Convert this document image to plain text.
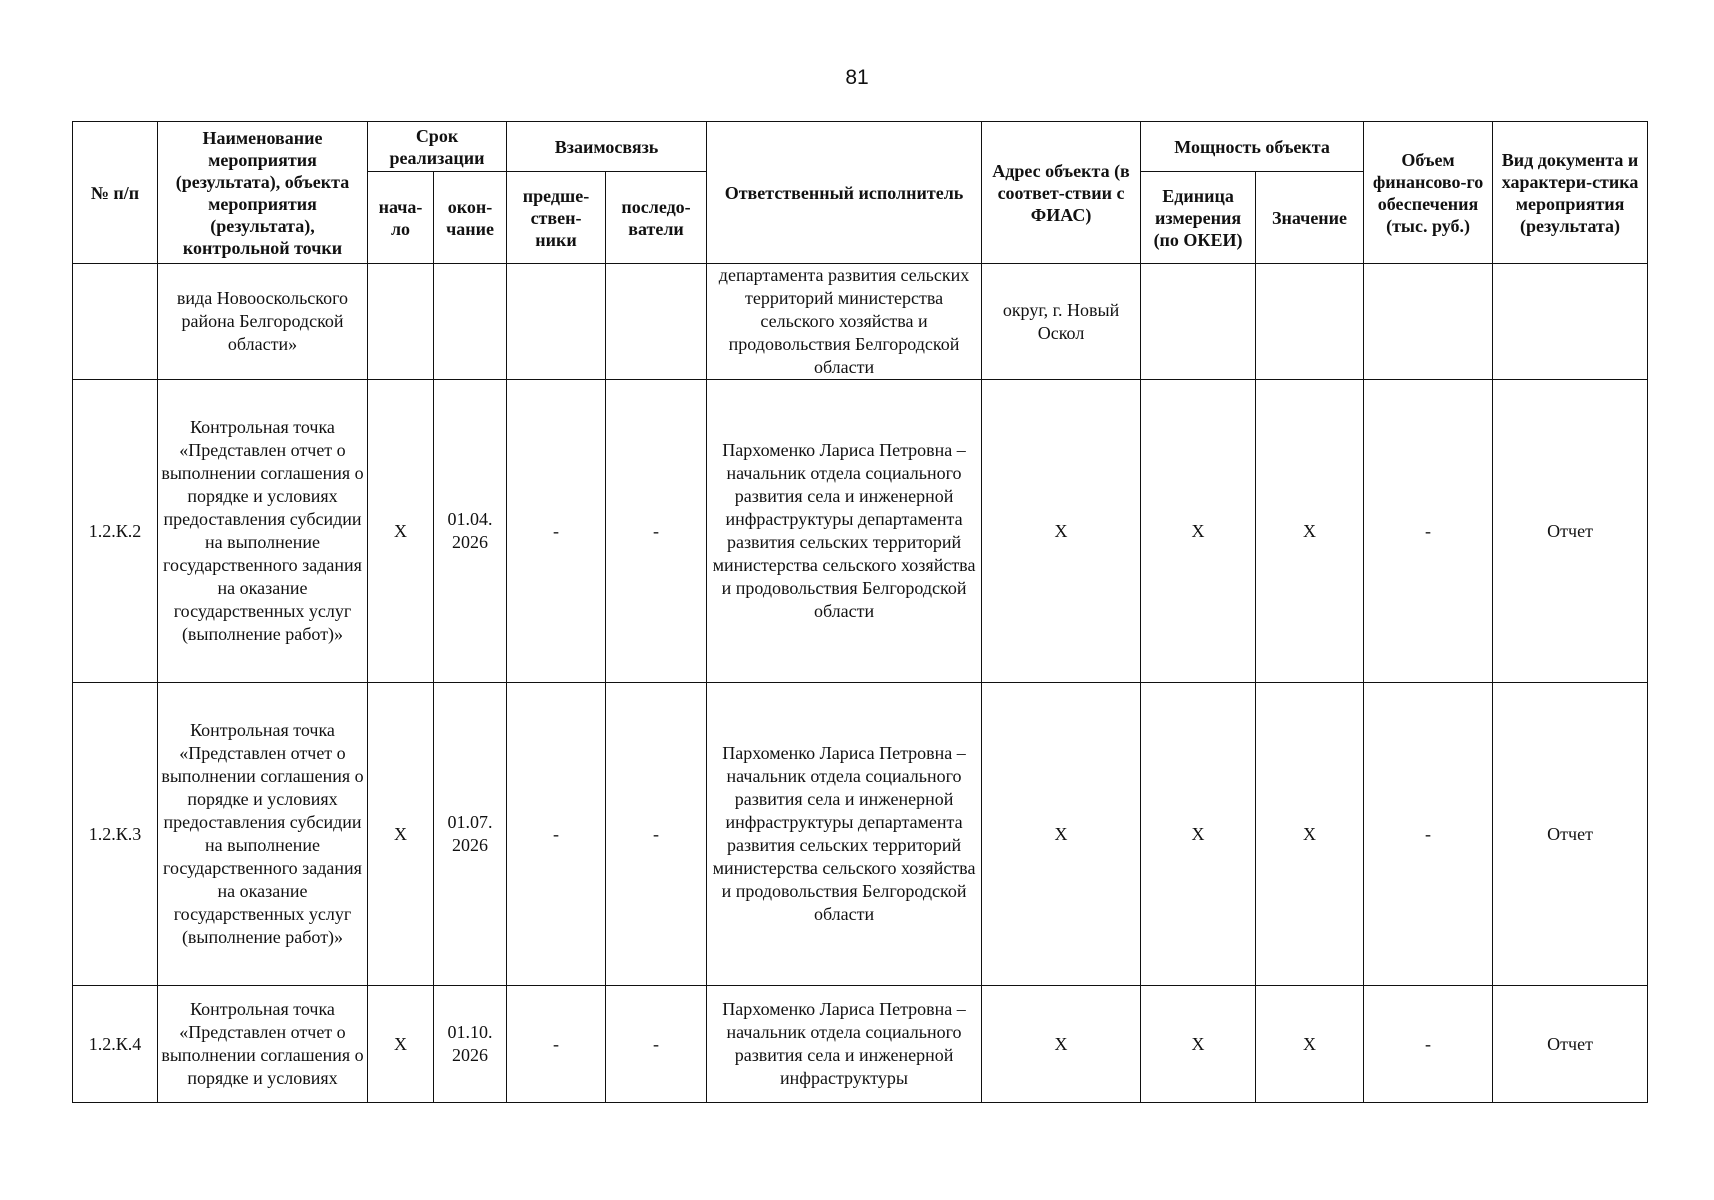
81
№ п/п	Наименование мероприятия (результата), объекта мероприятия (результата), контрольной точки	Срок реализации		Взаимосвязь		Ответственный исполнитель	Адрес объекта (в соответ-ствии с ФИАС)	Мощность объекта		Объем финансово-го обеспечения (тыс. руб.)	Вид документа и характери-стика мероприятия (результата)
		нача-ло	окон-чание	предше-ствен-ники	последо-ватели			Единица измерения (по ОКЕИ)	Значение		
	вида Новооскольского района Белгородской области»					департамента развития сельских территорий министерства сельского хозяйства и продовольствия Белгородской области	округ, г. Новый Оскол				
1.2.К.2	Контрольная точка «Представлен отчет о выполнении соглашения о порядке и условиях предоставления субсидии на выполнение государственного задания на оказание государственных услуг (выполнение работ)»	Х	01.04. 2026	-	-	Пархоменко Лариса Петровна – начальник отдела социального развития села и инженерной инфраструктуры департамента развития сельских территорий министерства сельского хозяйства и продовольствия Белгородской области	Х	Х	Х	-	Отчет
1.2.К.3	Контрольная точка «Представлен отчет о выполнении соглашения о порядке и условиях предоставления субсидии на выполнение государственного задания на оказание государственных услуг (выполнение работ)»	Х	01.07. 2026	-	-	Пархоменко Лариса Петровна – начальник отдела социального развития села и инженерной инфраструктуры департамента развития сельских территорий министерства сельского хозяйства и продовольствия Белгородской области	Х	Х	Х	-	Отчет
1.2.К.4	Контрольная точка «Представлен отчет о выполнении соглашения о порядке и условиях	Х	01.10. 2026	-	-	Пархоменко Лариса Петровна – начальник отдела социального развития села и инженерной инфраструктуры	Х	Х	Х	-	Отчет
